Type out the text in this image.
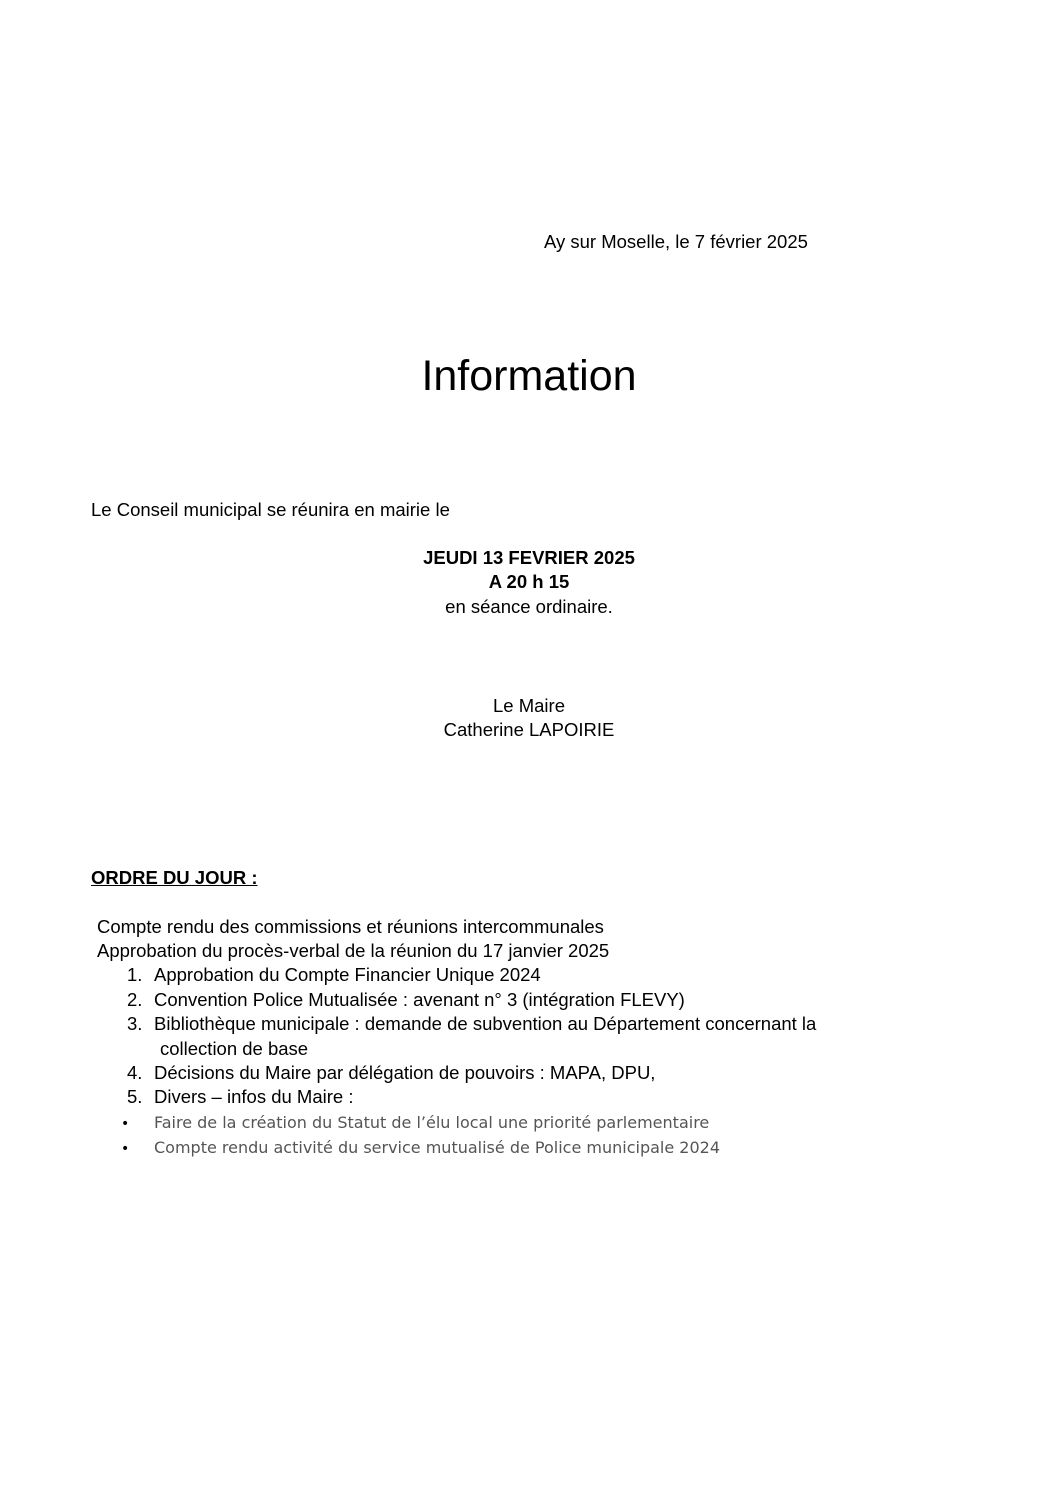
Ay sur Moselle, le 7 février 2025
Information
Le Conseil municipal se réunira en mairie le
JEUDI 13 FEVRIER 2025
A 20 h 15
en séance ordinaire.
Le Maire
Catherine LAPOIRIE
ORDRE DU JOUR :
Compte rendu des commissions et réunions intercommunales
Approbation du procès-verbal de la réunion du 17 janvier 2025
1. Approbation du Compte Financier Unique 2024
2. Convention Police Mutualisée : avenant n° 3 (intégration FLEVY)
3. Bibliothèque municipale : demande de subvention au Département concernant la
collection de base
4. Décisions du Maire par délégation de pouvoirs : MAPA, DPU,
5. Divers – infos du Maire :
• Faire de la création du Statut de l’élu local une priorité parlementaire
• Compte rendu activité du service mutualisé de Police municipale 2024
